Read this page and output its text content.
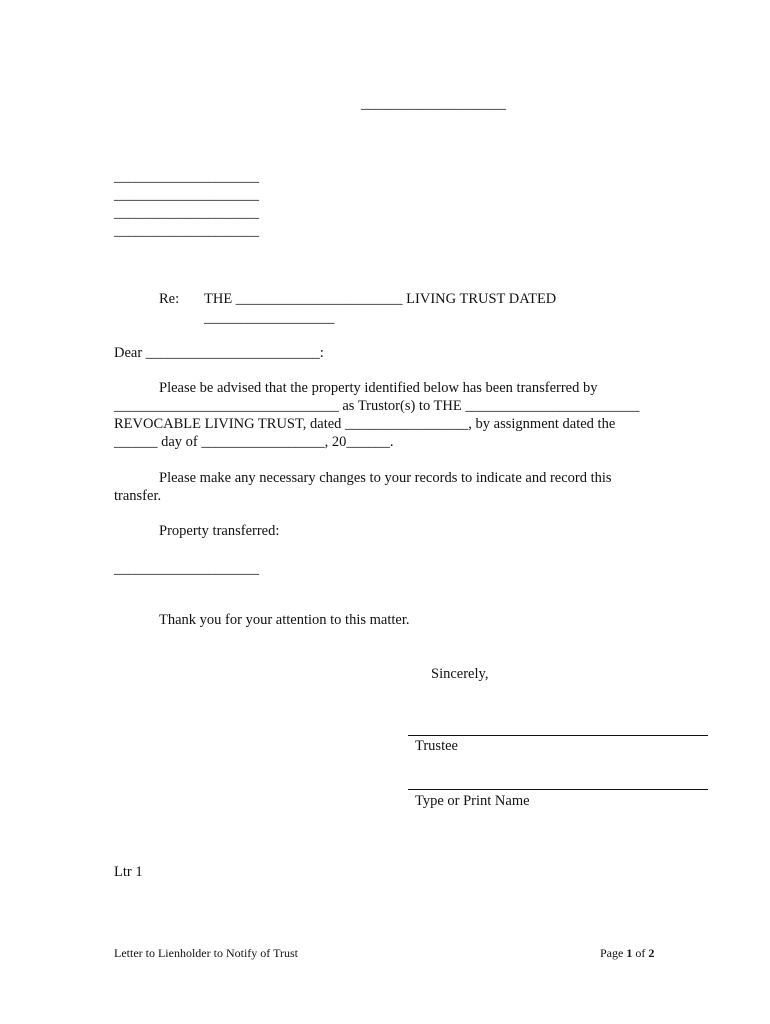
____________________
____________________
____________________
____________________
____________________
Re: THE _______________________ LIVING TRUST DATED
__________________
Dear ________________________:
Please be advised that the property identified below has been transferred by
_______________________________ as Trustor(s) to THE ________________________
REVOCABLE LIVING TRUST, dated _________________, by assignment dated the
______ day of _________________, 20______.
Please make any necessary changes to your records to indicate and record this
transfer.
Property transferred:
____________________
Thank you for your attention to this matter.
Sincerely,
Trustee
Type or Print Name
Ltr 1
Letter to Lienholder to Notify of Trust	Page 1 of 2
